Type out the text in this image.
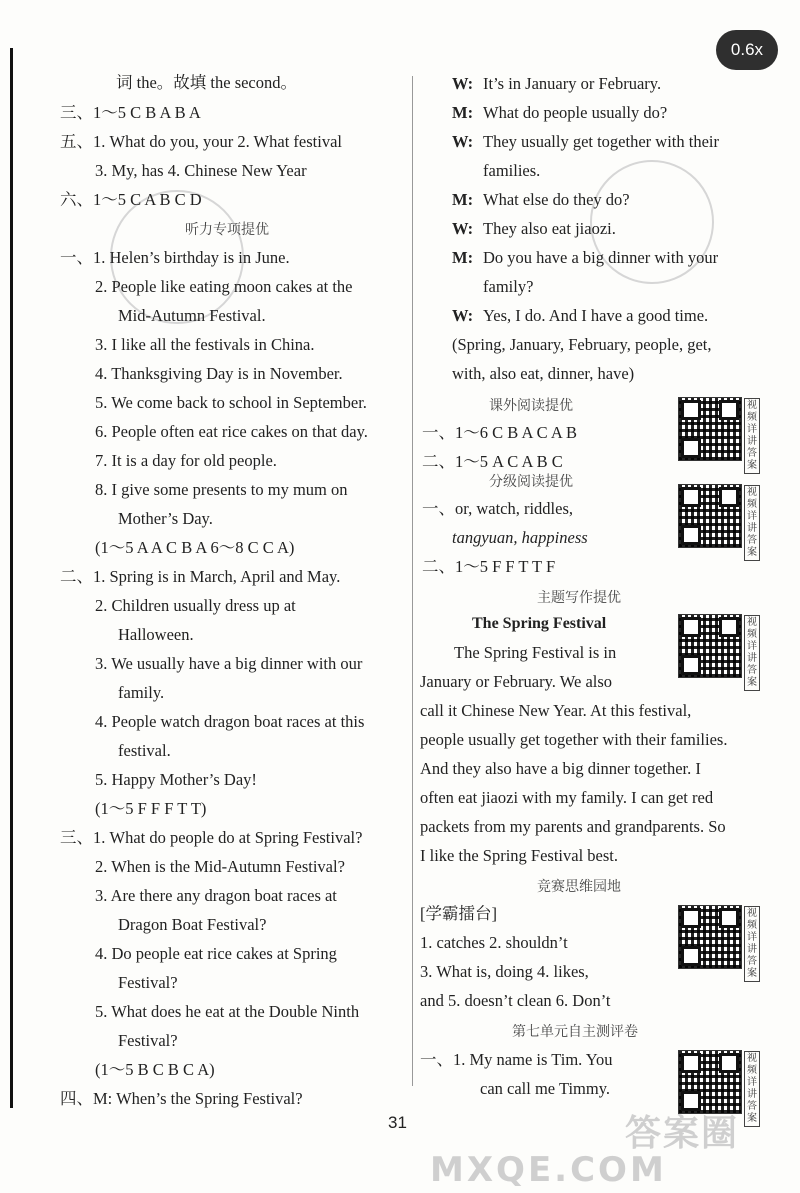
词 the。故填 the second。
三、1～5 C B A B A
五、1. What do you, your 2. What festival
3. My, has 4. Chinese New Year
六、1～5 C A B C D
听力专项提优
一、1. Helen’s birthday is in June.
2. People like eating moon cakes at the
Mid-Autumn Festival.
3. I like all the festivals in China.
4. Thanksgiving Day is in November.
5. We come back to school in September.
6. People often eat rice cakes on that day.
7. It is a day for old people.
8. I give some presents to my mum on
Mother’s Day.
(1～5 A A C B A 6～8 C C A)
二、1. Spring is in March, April and May.
2. Children usually dress up at
Halloween.
3. We usually have a big dinner with our
family.
4. People watch dragon boat races at this
festival.
5. Happy Mother’s Day!
(1～5 F F F T T)
三、1. What do people do at Spring Festival?
2. When is the Mid-Autumn Festival?
3. Are there any dragon boat races at
Dragon Boat Festival?
4. Do people eat rice cakes at Spring
Festival?
5. What does he eat at the Double Ninth
Festival?
(1～5 B C B C A)
四、M: When’s the Spring Festival?
W: It’s in January or February.
M: What do people usually do?
W: They usually get together with their
families.
M: What else do they do?
W: They also eat jiaozi.
M: Do you have a big dinner with your
family?
W: Yes, I do. And I have a good time.
(Spring, January, February, people, get,
with, also eat, dinner, have)
课外阅读提优
一、1～6 C B A C A B
二、1～5 A C A B C
分级阅读提优
一、or, watch, riddles,
tangyuan, happiness
二、1～5 F F T T F
主题写作提优
The Spring Festival
The Spring Festival is in
January or February. We also
call it Chinese New Year. At this festival,
people usually get together with their families.
And they also have a big dinner together. I
often eat jiaozi with my family. I can get red
packets from my parents and grandparents. So
I like the Spring Festival best.
竞赛思维园地
[学霸擂台]
1. catches 2. shouldn’t
3. What is, doing 4. likes,
and 5. doesn’t clean 6. Don’t
第七单元自主测评卷
一、1. My name is Tim. You
can call me Timmy.
视频详讲答案
视频详讲答案
视频详讲答案
视频详讲答案
视频详讲答案
0.6x
31	答案圈
MXQE.COM
